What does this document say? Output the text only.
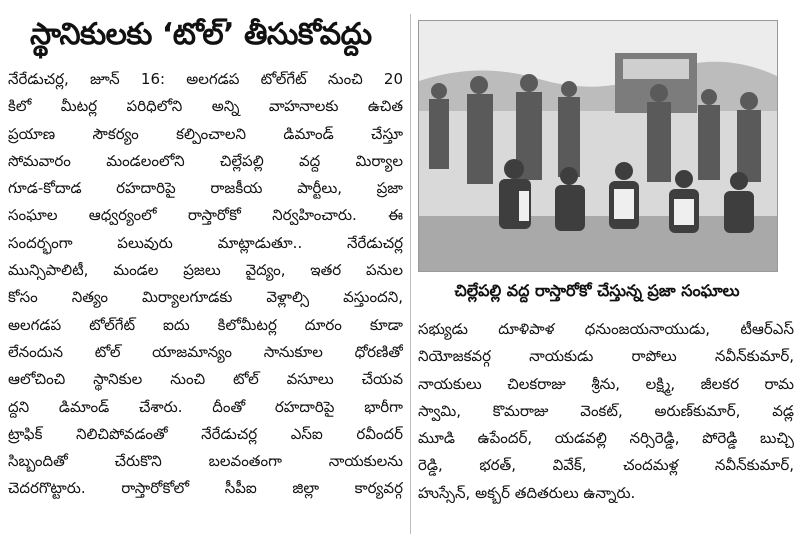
స్థానికులకు ‘టోల్’ తీసుకోవద్దు
నేరేడుచర్ల, జూన్ 16: అలగడప టోల్‌గేట్ నుంచి 20
కిలో మీటర్ల పరిధిలోని అన్ని వాహనాలకు ఉచిత
ప్రయాణ సౌకర్యం కల్పించాలని డిమాండ్ చేస్తూ
సోమవారం మండలంలోని చిల్లేపల్లి వద్ద మిర్యాల
గూడ-కోదాడ రహదారిపై రాజకీయ పార్టీలు, ప్రజా
సంఘాల ఆధ్వర్యంలో రాస్తారోకో నిర్వహించారు. ఈ
సందర్భంగా పలువురు మాట్లాడుతూ.. నేరేడుచర్ల
మున్సిపాలిటీ, మండల ప్రజలు వైద్యం, ఇతర పనుల
కోసం నిత్యం మిర్యాలగూడకు వెళ్లాల్సి వస్తుందని,
అలగడప టోల్‌గేట్ ఐదు కిలోమీటర్ల దూరం కూడా
లేనందున టోల్ యాజమాన్యం సానుకూల ధోరణితో
ఆలోచించి స్థానికుల నుంచి టోల్ వసూలు చేయవ
ద్దని డిమాండ్ చేశారు. దీంతో రహదారిపై భారీగా
ట్రాఫిక్ నిలిచిపోవడంతో నేరేడుచర్ల ఎస్ఐ రవీందర్
సిబ్బందితో చేరుకొని బలవంతంగా నాయకులను
చెదరగొట్టారు. రాస్తారోకోలో సీపీఐ జిల్లా కార్యవర్గ
చిల్లేపల్లి వద్ద రాస్తారోకో చేస్తున్న ప్రజా సంఘాలు
సభ్యుడు దూళిపాళ ధనుంజయనాయుడు, టీఆర్ఎస్
నియోజకవర్గ నాయకుడు రాపోలు నవీన్‌కుమార్,
నాయకులు చిలకరాజు శ్రీను, లక్ష్మి, జీలకర రామ
స్వామి, కొమరాజు వెంకట్, అరుణ్‌కుమార్, వడ్ల
మూడి ఉపేందర్, యడవల్లి నర్సిరెడ్డి, పోరెడ్డి బుచ్చి
రెడ్డి, భరత్, వివేక్, చందమళ్ల నవీన్‌కుమార్,
హుస్సేన్, అక్బర్ తదితరులు ఉన్నారు.
